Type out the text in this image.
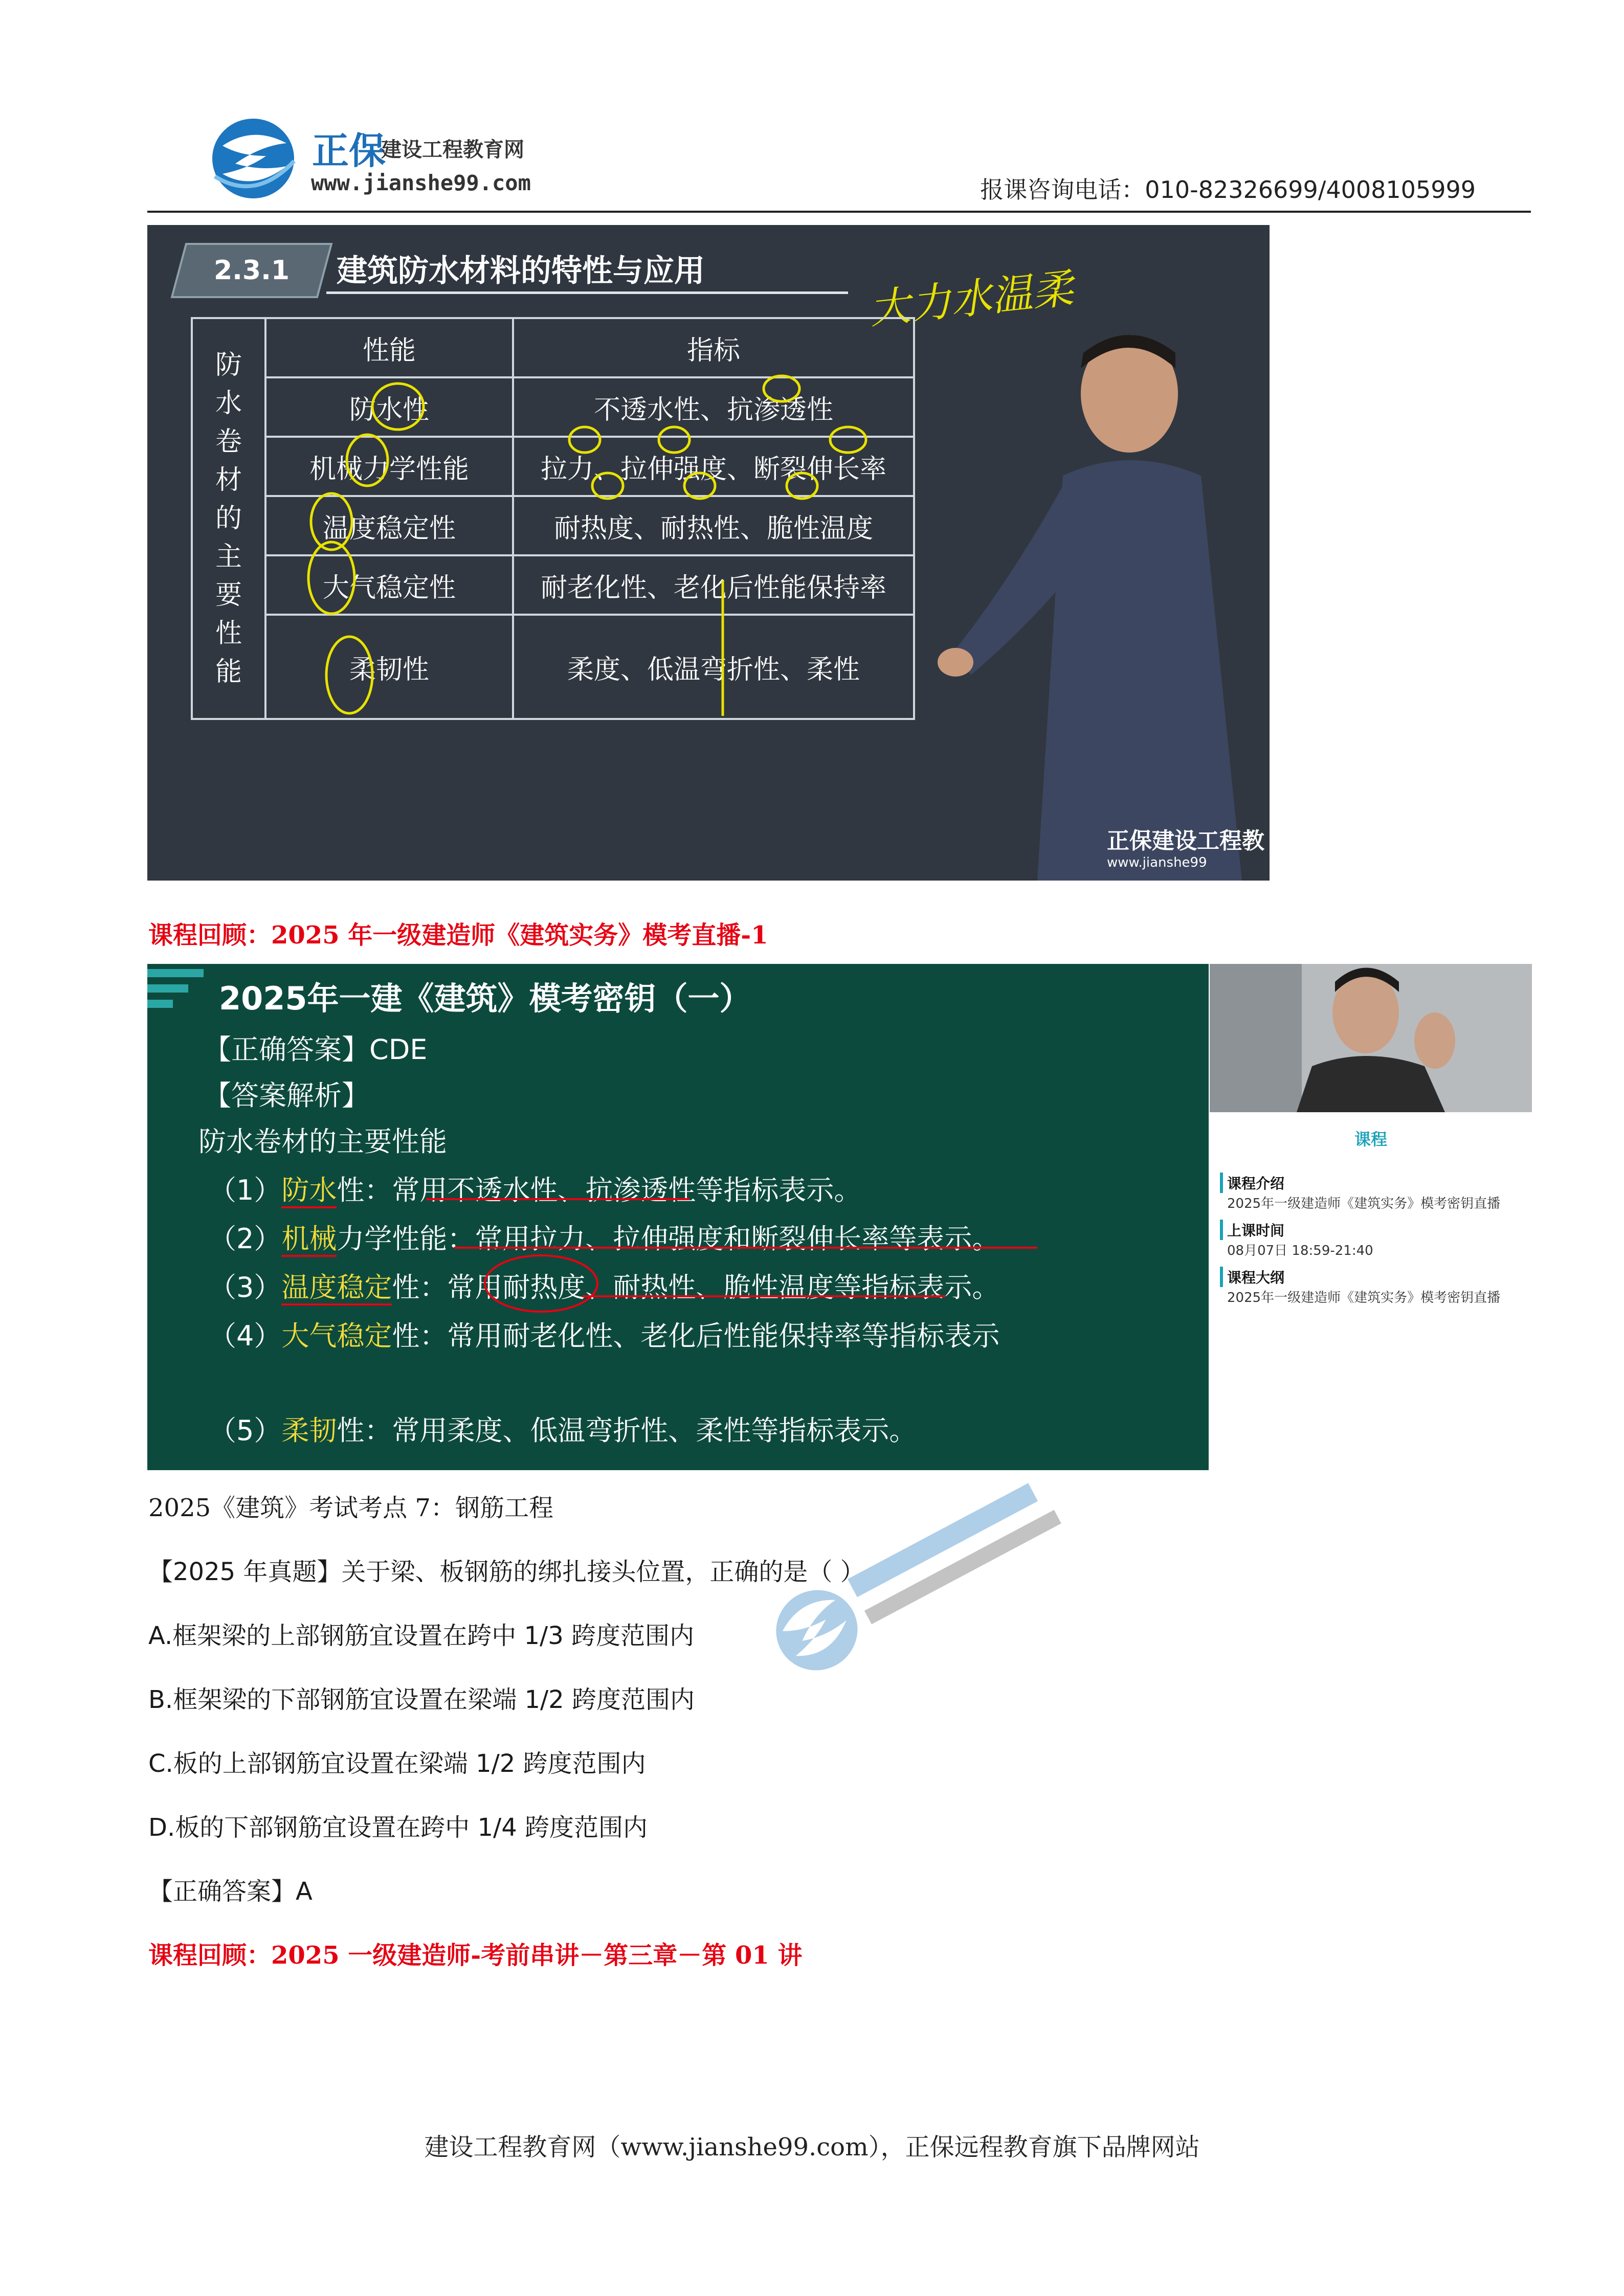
正保
建设工程教育网
www.jianshe99.com	报课咨询电话：010-82326699/4008105999
2.3.1	建筑防水材料的特性与应用	大力水温柔
防水卷材的主要性能	性能	指标
	防水性	不透水性、抗渗透性
	机械力学性能	拉力、拉伸强度、断裂伸长率
	温度稳定性	耐热度、耐热性、脆性温度
	大气稳定性	耐老化性、老化后性能保持率
	柔韧性	柔度、低温弯折性、柔性
正保建设工程教
www.jianshe99
课程回顾：2025 年一级建造师《建筑实务》模考直播-1
2025年一建《建筑》模考密钥（一）
【正确答案】CDE
【答案解析】
防水卷材的主要性能
（1）防水性：常用不透水性、抗渗透性等指标表示。
（2）机械力学性能：常用拉力、拉伸强度和断裂伸长率等表示。
（3）温度稳定性：常用耐热度、耐热性、脆性温度等指标表示。
（4）大气稳定性：常用耐老化性、老化后性能保持率等指标表示
（5）柔韧性：常用柔度、低温弯折性、柔性等指标表示。
课程
课程介绍
2025年一级建造师《建筑实务》模考密钥直播
上课时间
08月07日 18:59-21:40
课程大纲
2025年一级建造师《建筑实务》模考密钥直播
2025《建筑》考试考点 7：钢筋工程
【2025 年真题】关于梁、板钢筋的绑扎接头位置，正确的是（ ）
A.框架梁的上部钢筋宜设置在跨中 1/3 跨度范围内
B.框架梁的下部钢筋宜设置在梁端 1/2 跨度范围内
C.板的上部钢筋宜设置在梁端 1/2 跨度范围内
D.板的下部钢筋宜设置在跨中 1/4 跨度范围内
【正确答案】A
课程回顾：2025 一级建造师-考前串讲－第三章－第 01 讲
建设工程教育网（www.jianshe99.com），正保远程教育旗下品牌网站
